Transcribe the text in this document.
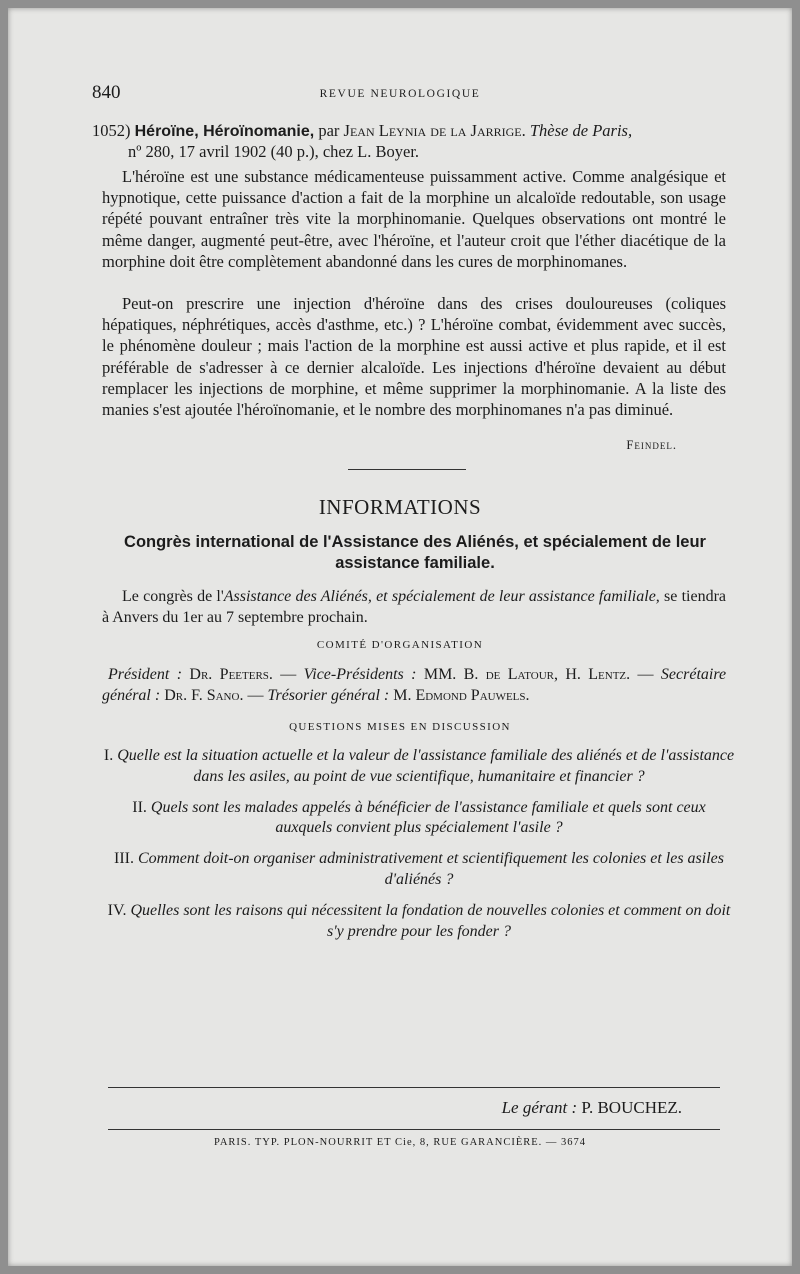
840	REVUE NEUROLOGIQUE
1052) Héroïne, Héroïnomanie, par Jean Leynia de la Jarrige. Thèse de Paris,
nº 280, 17 avril 1902 (40 p.), chez L. Boyer.

L'héroïne est une substance médicamenteuse puissamment active. Comme analgésique et hypnotique, cette puissance d'action a fait de la morphine un alcaloïde redoutable, son usage répété pouvant entraîner très vite la morphinomanie. Quelques observations ont montré le même danger, augmenté peut-être, avec l'héroïne, et l'auteur croit que l'éther diacétique de la morphine doit être complètement abandonné dans les cures de morphinomanes.

Peut-on prescrire une injection d'héroïne dans des crises douloureuses (coliques hépatiques, néphrétiques, accès d'asthme, etc.) ? L'héroïne combat, évidemment avec succès, le phénomène douleur ; mais l'action de la morphine est aussi active et plus rapide, et il est préférable de s'adresser à ce dernier alcaloïde. Les injections d'héroïne devaient au début remplacer les injections de morphine, et même supprimer la morphinomanie. A la liste des manies s'est ajoutée l'héroïnomanie, et le nombre des morphinomanes n'a pas diminué.

Feindel.
INFORMATIONS
Congrès international de l'Assistance des Aliénés, et spécialement de leur assistance familiale.

Le congrès de l'Assistance des Aliénés, et spécialement de leur assistance familiale, se tiendra à Anvers du 1er au 7 septembre prochain.

COMITÉ D'ORGANISATION

Président : Dr. Peeters. — Vice-Présidents : MM. B. de Latour, H. Lentz. — Secrétaire général : Dr. F. Sano. — Trésorier général : M. Edmond Pauwels.

QUESTIONS MISES EN DISCUSSION

I. Quelle est la situation actuelle et la valeur de l'assistance familiale des aliénés et de l'assistance dans les asiles, au point de vue scientifique, humanitaire et financier ?

II. Quels sont les malades appelés à bénéficier de l'assistance familiale et quels sont ceux auxquels convient plus spécialement l'asile ?

III. Comment doit-on organiser administrativement et scientifiquement les colonies et les asiles d'aliénés ?

IV. Quelles sont les raisons qui nécessitent la fondation de nouvelles colonies et comment on doit s'y prendre pour les fonder ?

Le gérant : P. BOUCHEZ.
PARIS. TYP. PLON-NOURRIT ET Cie, 8, RUE GARANCIÈRE. — 3674
